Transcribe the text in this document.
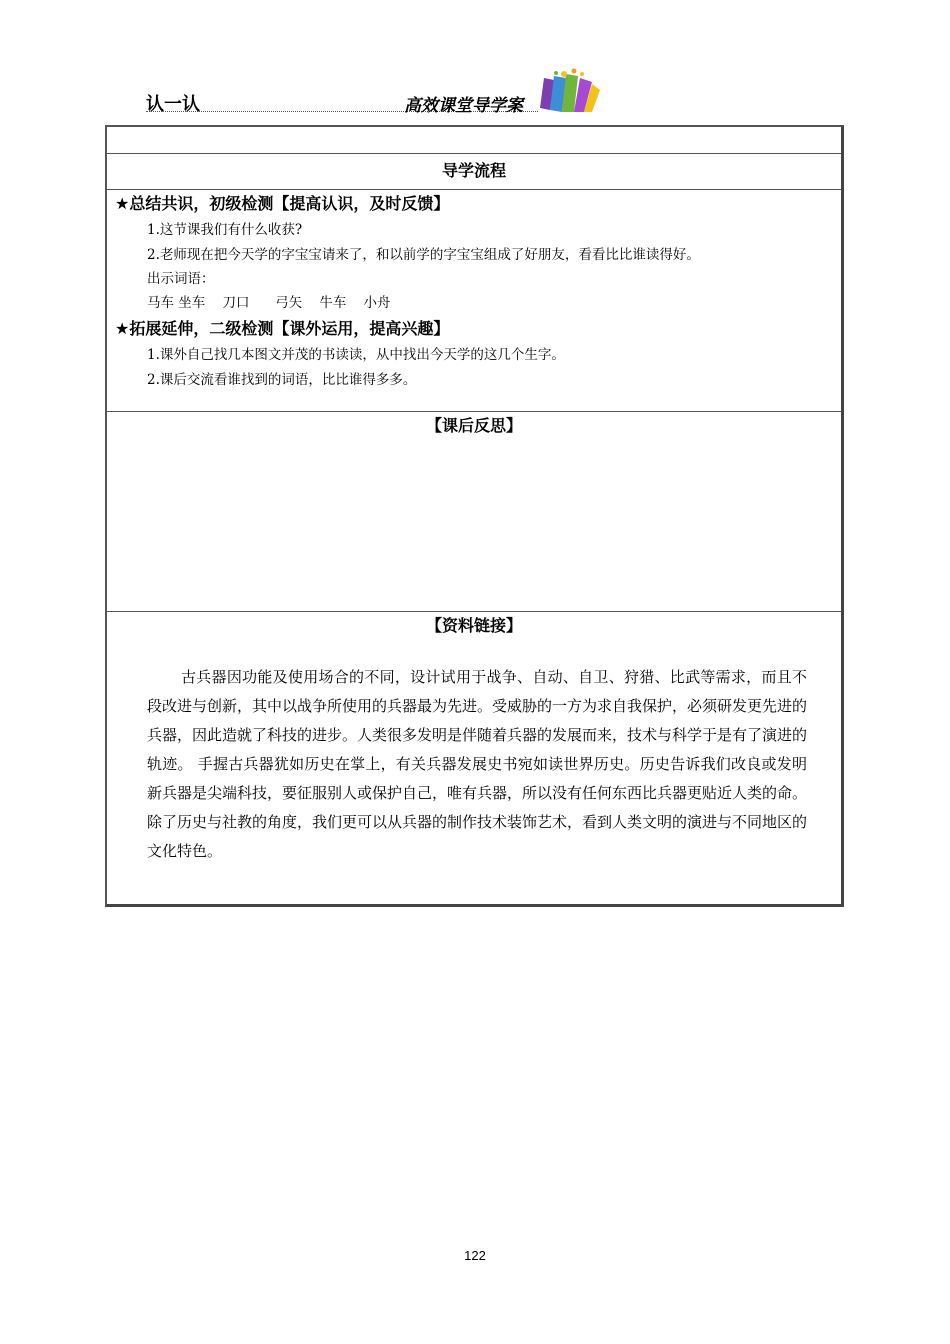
认一认	高效课堂导学案
导学流程
★总结共识，初级检测【提高认识，及时反馈】
1.这节课我们有什么收获?
2.老师现在把今天学的字宝宝请来了，和以前学的字宝宝组成了好朋友，看看比比谁读得好。
出示词语：
马车 坐车    刀口      弓矢    牛车    小舟
★拓展延伸，二级检测【课外运用，提高兴趣】
1.课外自己找几本图文并茂的书读读，从中找出今天学的这几个生字。
2.课后交流看谁找到的词语，比比谁得多多。
【课后反思】
【资料链接】
古兵器因功能及使用场合的不同，设计试用于战争、自动、自卫、狩猎、比武等需求，而且不段改进与创新，其中以战争所使用的兵器最为先进。受威胁的一方为求自我保护，必须研发更先进的兵器，因此造就了科技的进步。人类很多发明是伴随着兵器的发展而来，技术与科学于是有了演进的轨迹。 手握古兵器犹如历史在掌上，有关兵器发展史书宛如读世界历史。历史告诉我们改良或发明新兵器是尖端科技，要征服别人或保护自己，唯有兵器，所以没有任何东西比兵器更贴近人类的命。除了历史与社教的角度，我们更可以从兵器的制作技术装饰艺术，看到人类文明的演进与不同地区的文化特色。
122
